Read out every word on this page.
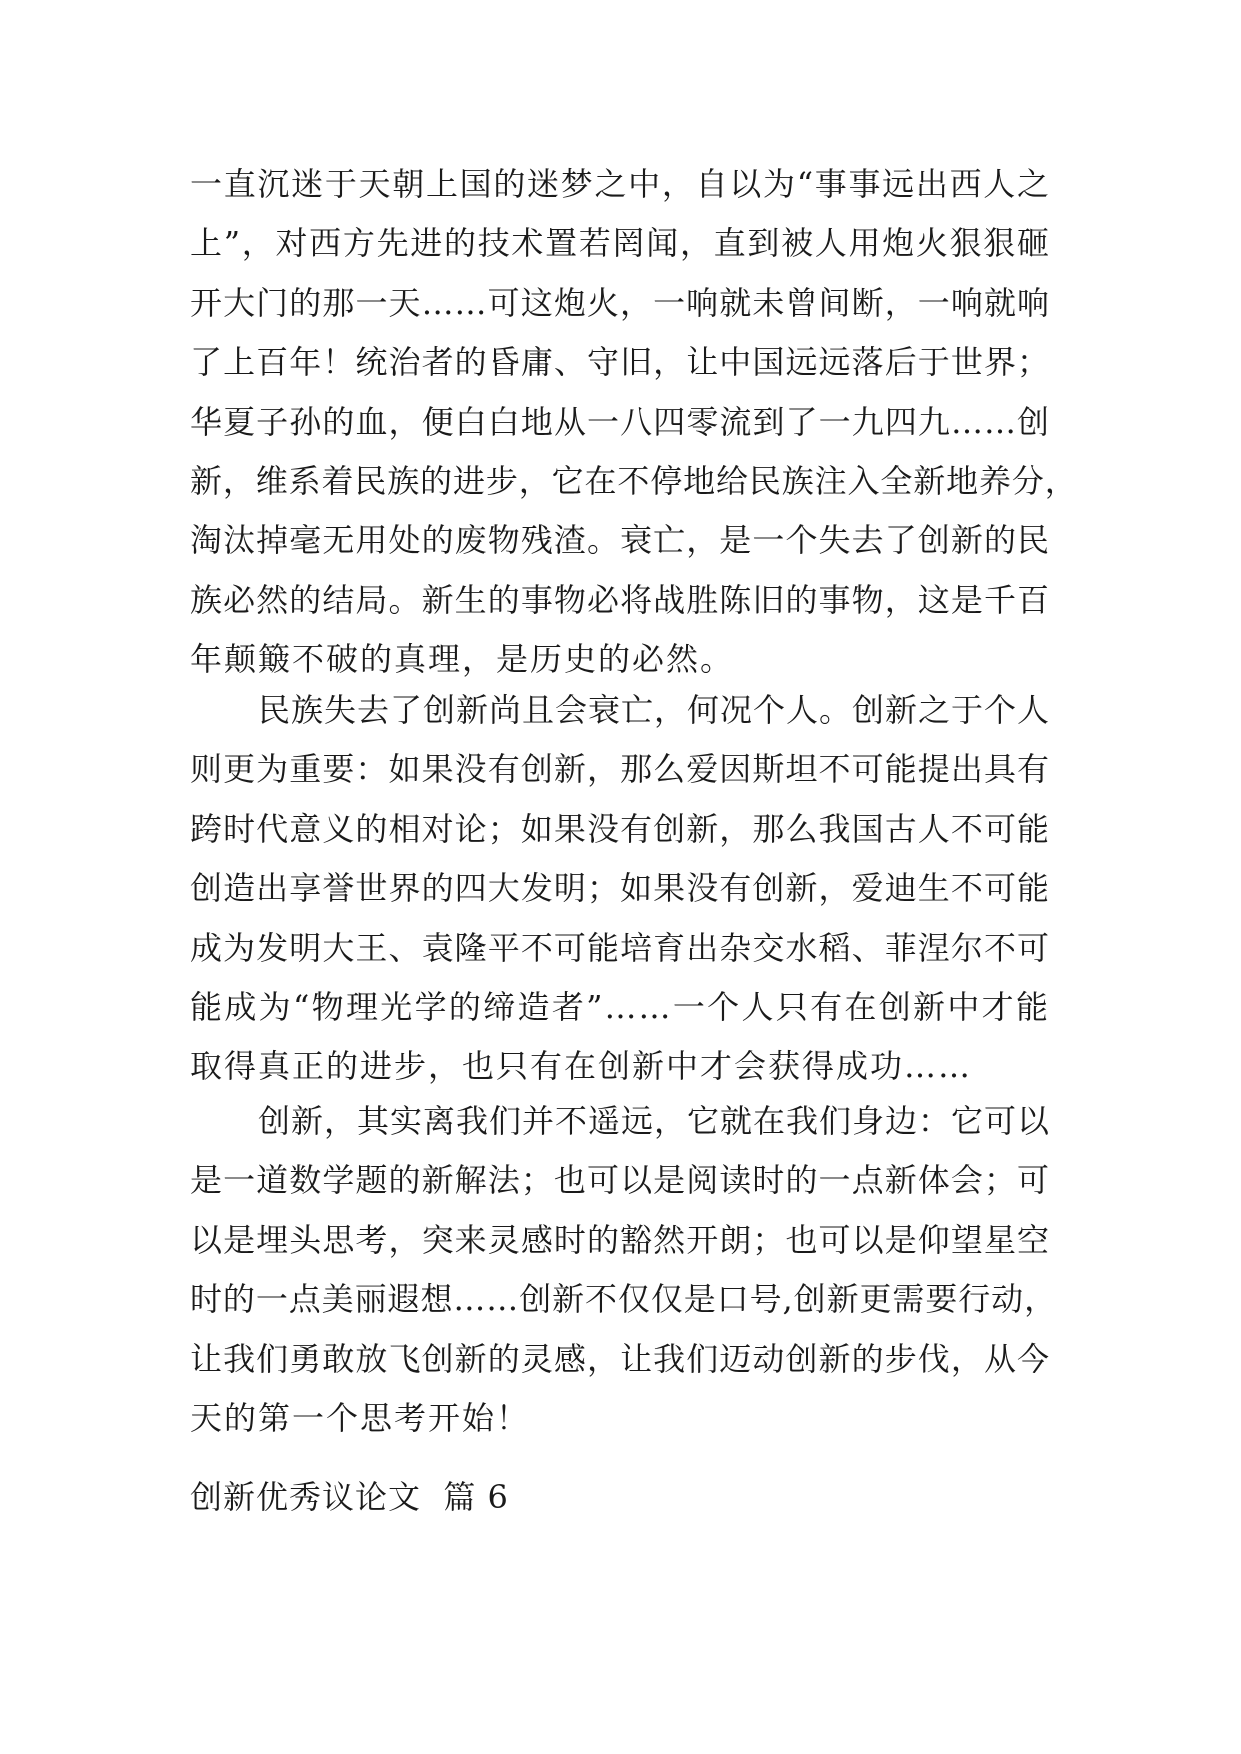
一直沉迷于天朝上国的迷梦之中，自以为“事事远出西人之
上”，对西方先进的技术置若罔闻，直到被人用炮火狠狠砸
开大门的那一天……可这炮火，一响就未曾间断，一响就响
了上百年！统治者的昏庸、守旧，让中国远远落后于世界；
华夏子孙的血，便白白地从一八四零流到了一九四九……创
新，维系着民族的进步，它在不停地给民族注入全新地养分，
淘汰掉毫无用处的废物残渣。衰亡，是一个失去了创新的民
族必然的结局。新生的事物必将战胜陈旧的事物，这是千百
年颠簸不破的真理，是历史的必然。
民族失去了创新尚且会衰亡，何况个人。创新之于个人
则更为重要：如果没有创新，那么爱因斯坦不可能提出具有
跨时代意义的相对论；如果没有创新，那么我国古人不可能
创造出享誉世界的四大发明；如果没有创新，爱迪生不可能
成为发明大王、袁隆平不可能培育出杂交水稻、菲涅尔不可
能成为“物理光学的缔造者”……一个人只有在创新中才能
取得真正的进步，也只有在创新中才会获得成功……
创新，其实离我们并不遥远，它就在我们身边：它可以
是一道数学题的新解法；也可以是阅读时的一点新体会；可
以是埋头思考，突来灵感时的豁然开朗；也可以是仰望星空
时的一点美丽遐想……创新不仅仅是口号,创新更需要行动，
让我们勇敢放飞创新的灵感，让我们迈动创新的步伐，从今
天的第一个思考开始！
创新优秀议论文  篇 6
